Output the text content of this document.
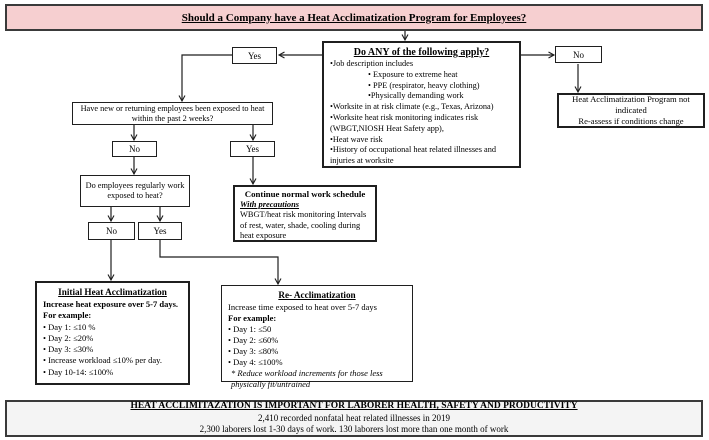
Should a Company have a Heat Acclimatization Program for Employees?
Do ANY of the following apply?
•Job description includes
• Exposure to extreme heat
• PPE (respirator, heavy clothing)
•Physically demanding work
•Worksite in at risk climate (e.g., Texas, Arizona)
•Worksite heat risk monitoring indicates risk (WBGT,NIOSH Heat Safety app),
•Heat wave risk
•History of occupational heat related illnesses and injuries at worksite
Yes	No
Heat Acclimatization Program not indicated
Re-assess if conditions change
Have new or returning employees been exposed to heat within the past 2 weeks?
No	Yes
Do employees regularly work exposed to heat?
No	Yes
Continue normal work schedule
With precautions
WBGT/heat risk monitoring Intervals of rest, water, shade, cooling during heat exposure
Initial Heat Acclimatization
Increase heat exposure over 5-7 days.
For example:
• Day 1: ≤10 %
• Day 2: ≤20%
• Day 3: ≤30%
• Increase workload ≤10% per day.
• Day 10-14: ≤100%
Re- Acclimatization
Increase time exposed to heat over 5-7 days
For example:
• Day 1: ≤50
• Day 2: ≤60%
• Day 3: ≤80%
• Day 4: ≤100%
* Reduce workload increments for those less physically fit/untrained
HEAT ACCLIMITAZATION IS IMPORTANT FOR LABORER HEALTH, SAFETY AND PRODUCTIVITY
2,410 recorded nonfatal heat related illnesses in 2019
2,300 laborers lost 1-30 days of work. 130 laborers lost more than one month of work
